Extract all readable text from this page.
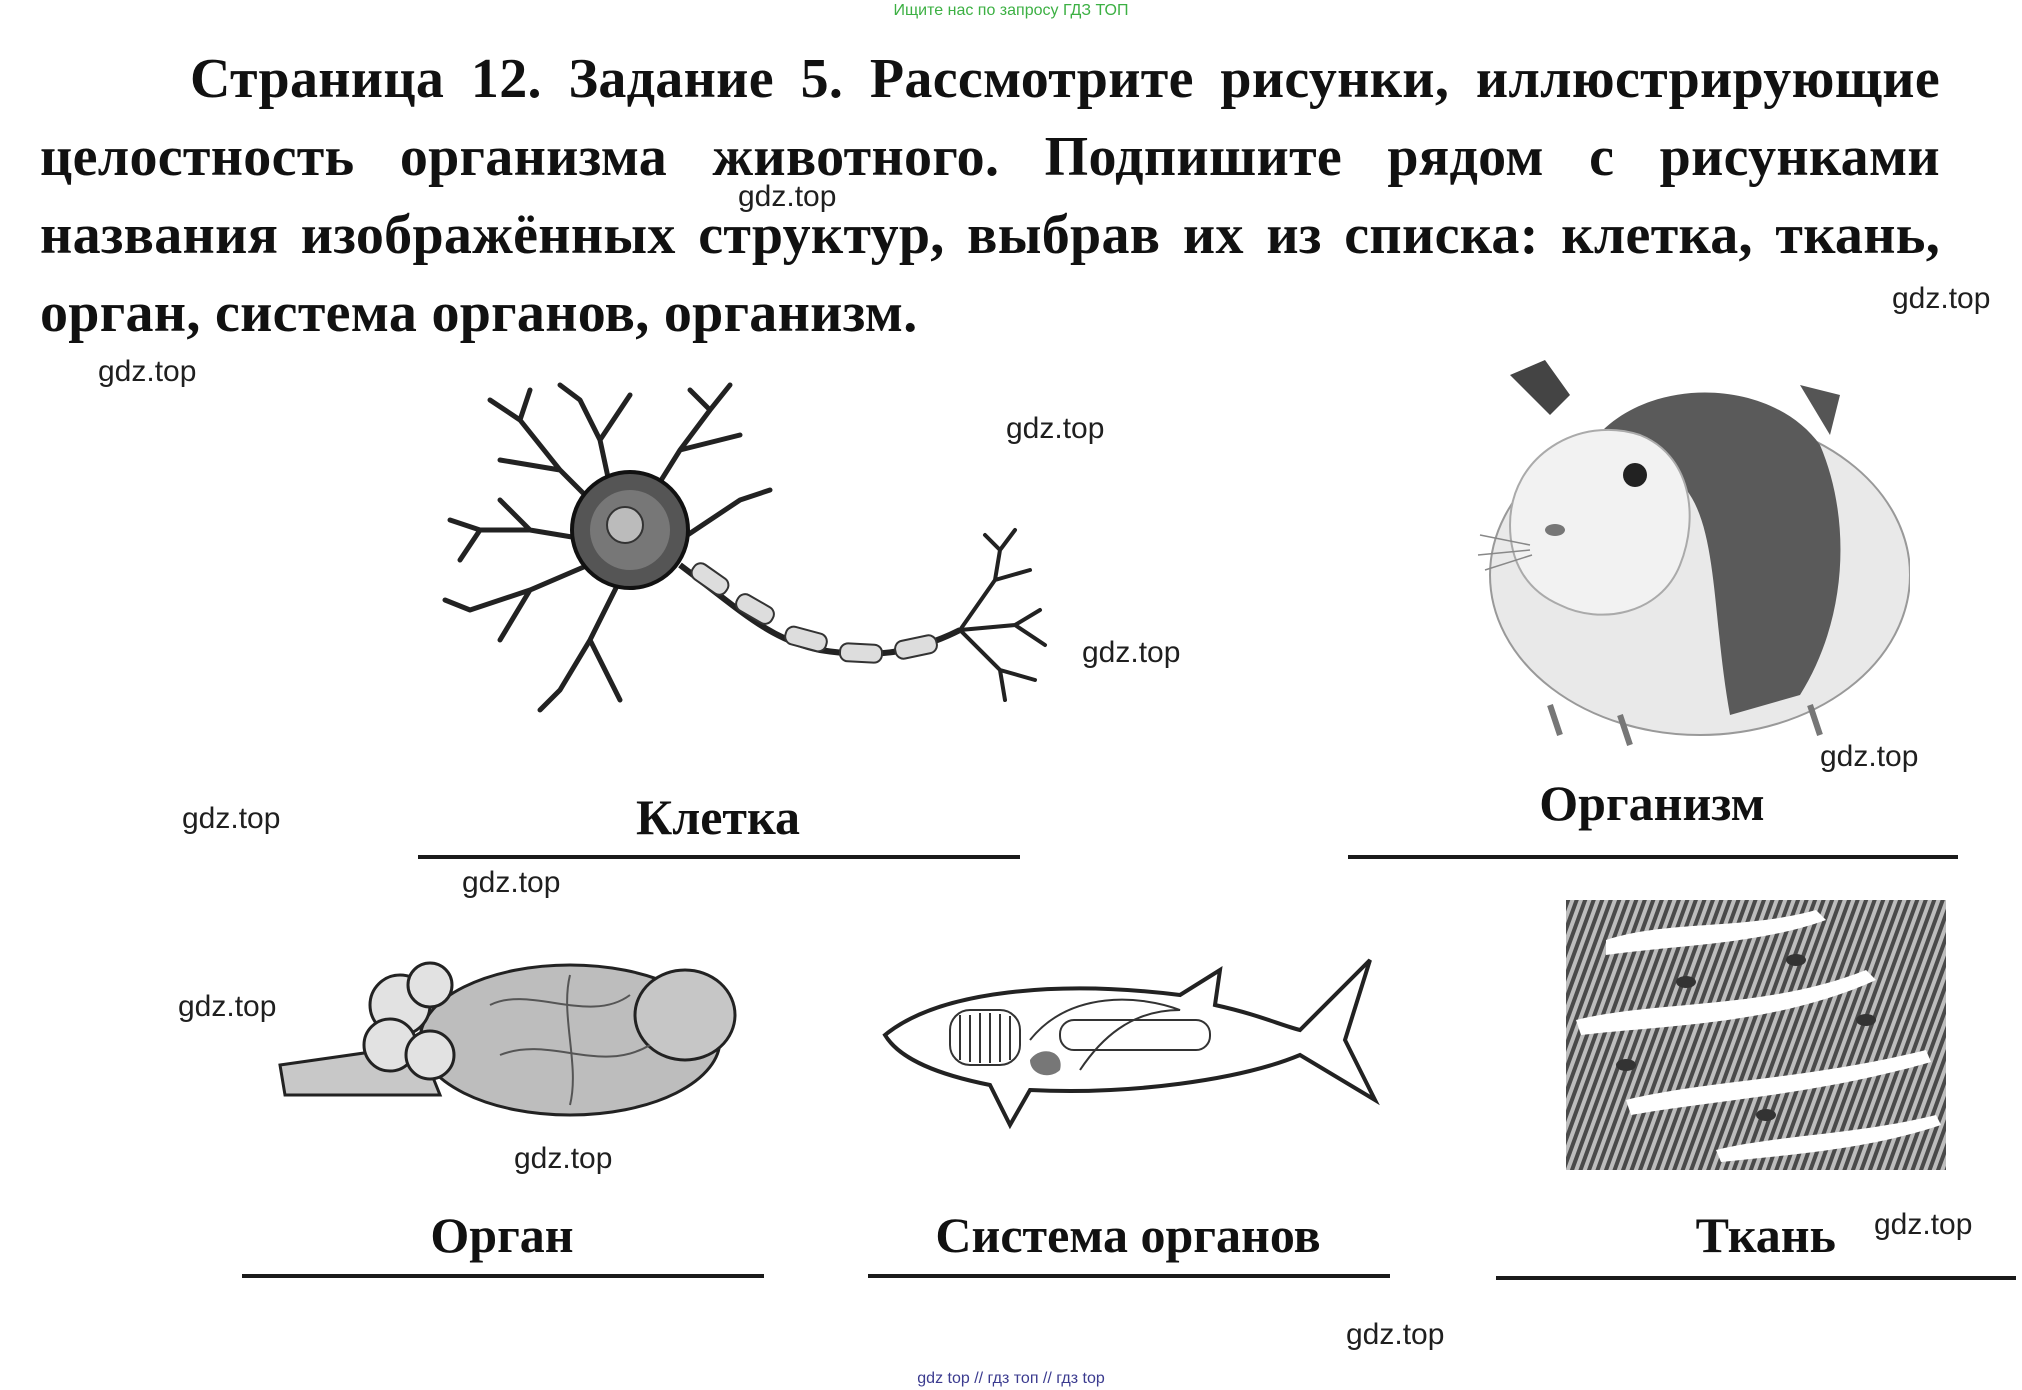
Ищите нас по запросу ГДЗ ТОП
Страница 12. Задание 5. Рассмотрите рисунки, иллюстрирующие целостность организма животного. Подпишите рядом с рисунками названия изображённых структур, выбрав их из списка: клетка, ткань, орган, система органов, организм.
gdz.top
gdz.top
gdz.top
gdz.top
gdz.top
gdz.top
gdz.top
gdz.top
gdz.top
gdz.top
gdz.top
gdz.top
Клетка	Организм
Орган	Система органов	Ткань
gdz top // гдз топ // гдз top
